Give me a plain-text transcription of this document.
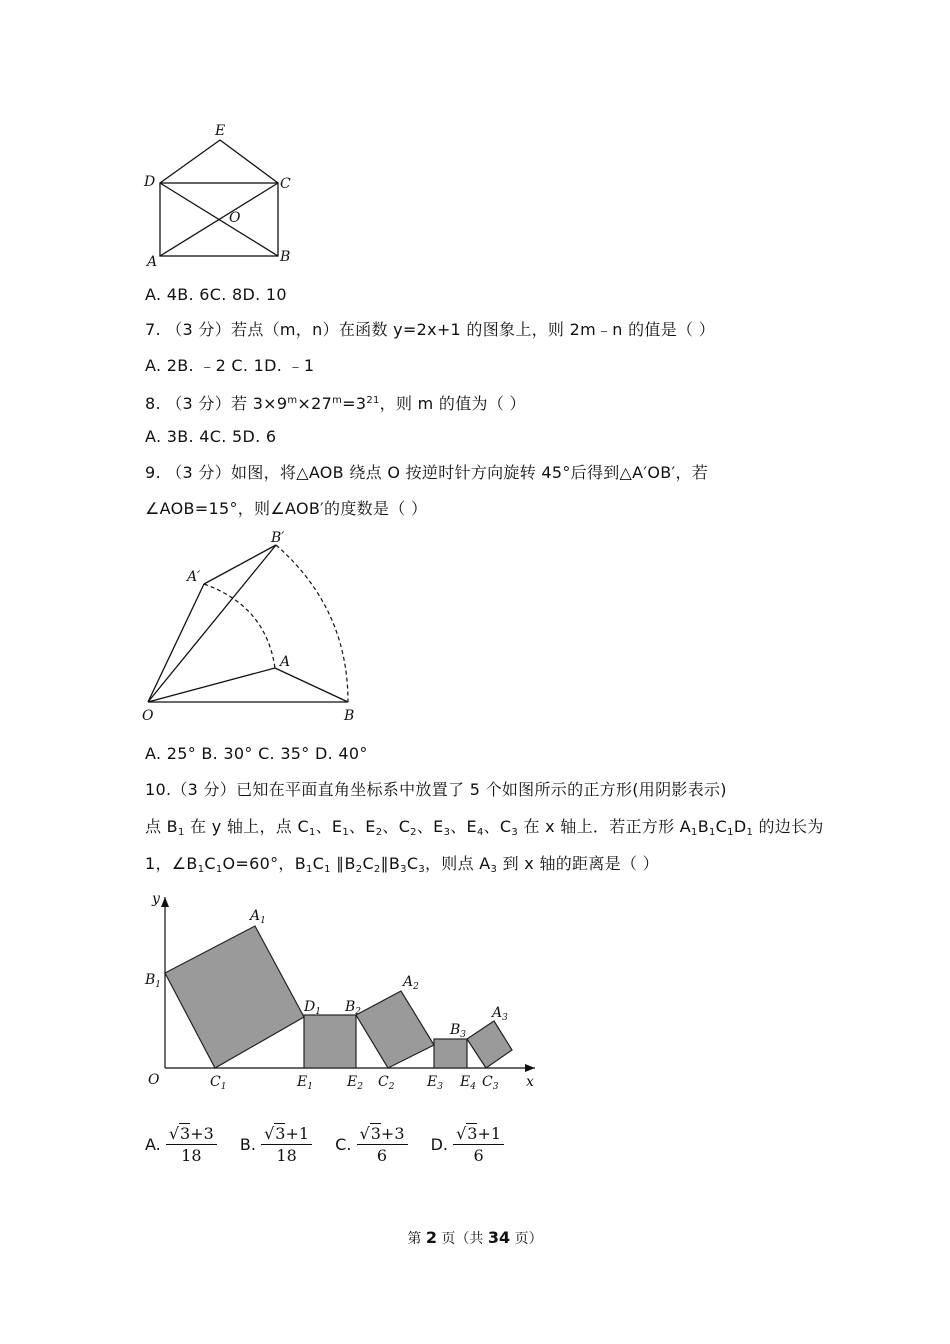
E
D	C
O
A	B
A. 4B. 6C. 8D. 10
7. （3 分）若点（m，n）在函数 y=2x+1 的图象上，则 2m﹣n 的值是（ ）
A. 2B. ﹣2 C. 1D. ﹣1
8. （3 分）若 $3\times 9^m\times 27^m=3^{21}$，则 m 的值为（ ）
A. 3B. 4C. 5D. 6
9. （3 分）如图，将△AOB 绕点 O 按逆时针方向旋转 45°后得到△A′OB′，若
∠AOB=15°，则∠AOB′的度数是（ ）
B′
A′
A
O	B
A. 25° B. 30° C. 35° D. 40°
10.（3 分）已知在平面直角坐标系中放置了 5 个如图所示的正方形(用阴影表示)
点 $B_1$ 在 y 轴上，点 $C_1$、$E_1$、$E_2$、$C_2$、$E_3$、$E_4$、$C_3$ 在 x 轴上．若正方形 $A_1B_1C_1D_1$ 的边长为
1，$\angle B_1C_1O=60^\circ$，$B_1C_1$ $\parallel B_2C_2\parallel B_3C_3$，则点 $A_3$ 到 x 轴的距离是（ ）
y
x
O
$B_1$
$A_1$
$C_1$
$D_1$ $B_2$
$A_2$
$E_1$ $E_2$ $C_2$
$B_3$
$A_3$
$E_3$ $E_4$ $C_3$
A. $\frac{√3+3}{18} B$. $\frac{√3+1}{18} C$. $\frac{√3+3}{6} D$. $\frac{√3+1}{6}$
第 2 页（共 34 页）
